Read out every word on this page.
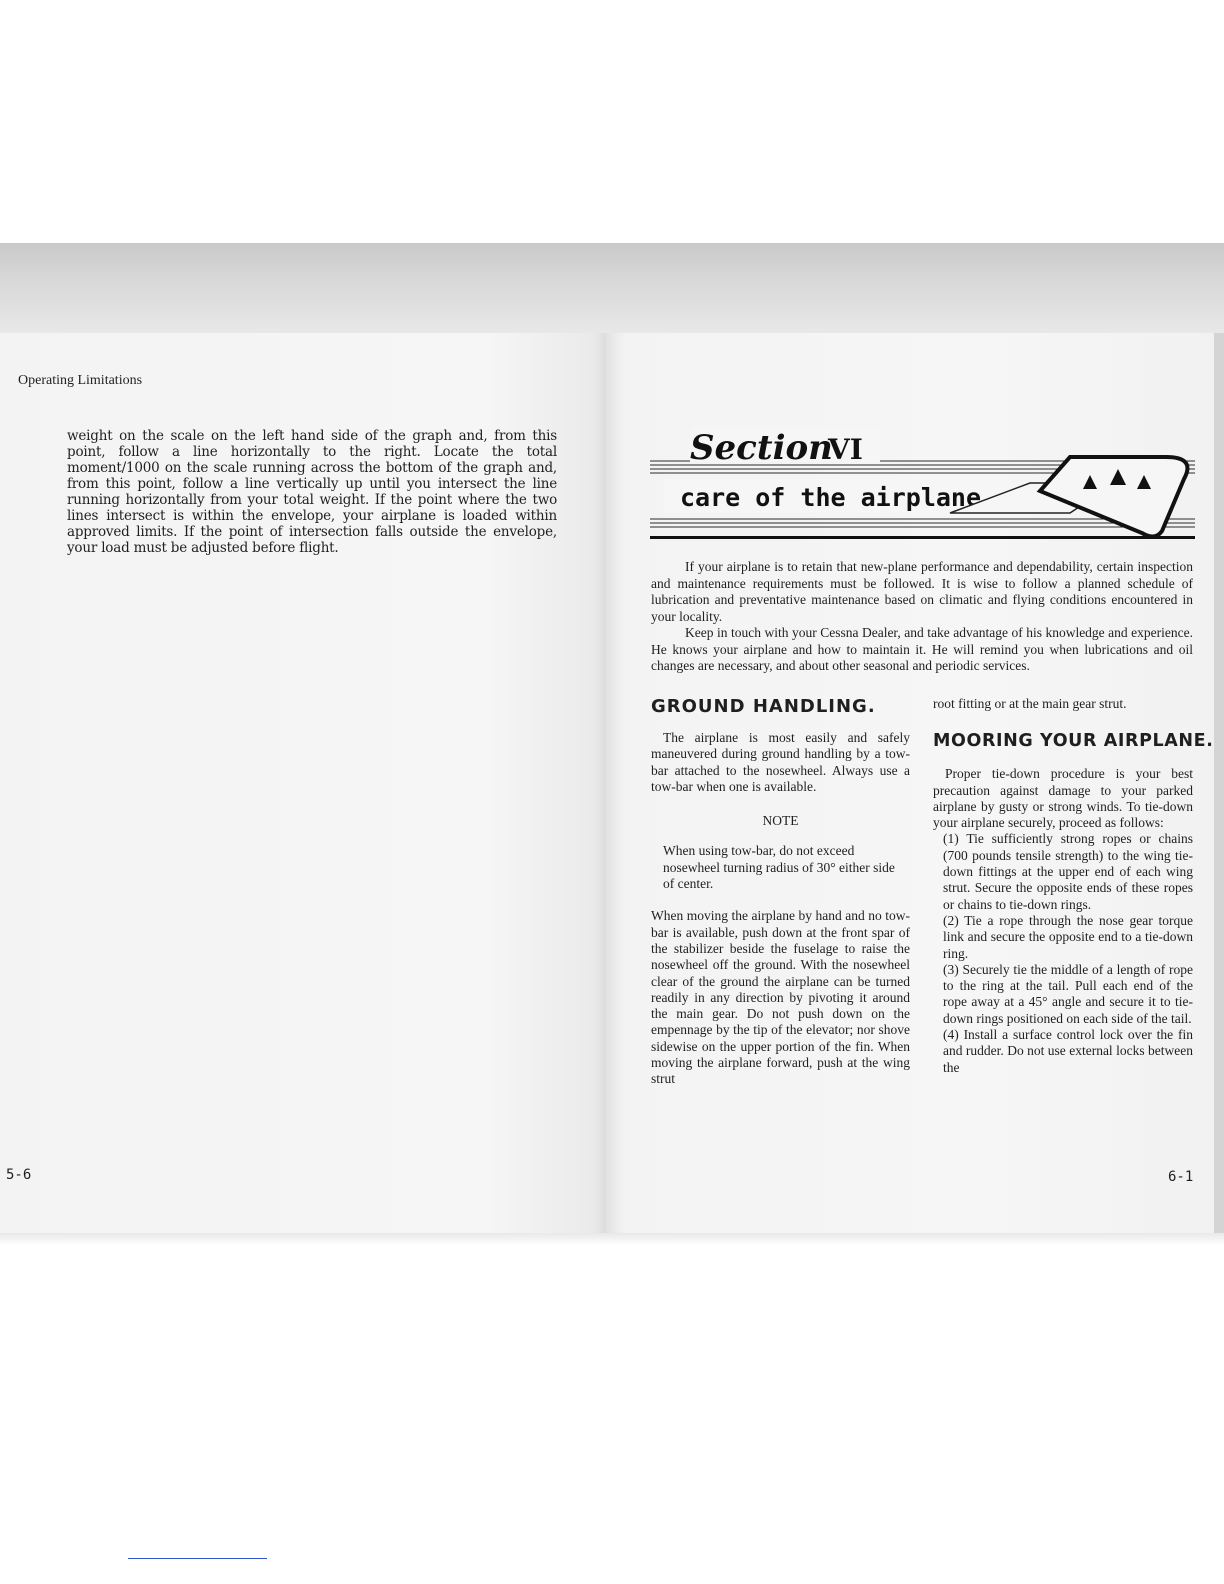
Operating Limitations
weight on the scale on the left hand side of the graph and, from this point, follow a line horizontally to the right. Locate the total moment/1000 on the scale running across the bottom of the graph and, from this point, follow a line vertically up until you intersect the line running horizontally from your total weight. If the point where the two lines intersect is within the envelope, your airplane is loaded within approved limits. If the point of intersection falls outside the envelope, your load must be adjusted before flight.
5-6
Section
VI
care of the airplane

If your airplane is to retain that new-plane performance and dependability, certain inspection and maintenance requirements must be followed. It is wise to follow a planned schedule of lubrication and preventative maintenance based on climatic and flying conditions encountered in your locality.

Keep in touch with your Cessna Dealer, and take advantage of his knowledge and experience. He knows your airplane and how to maintain it. He will remind you when lubrications and oil changes are necessary, and about other seasonal and periodic services.

GROUND HANDLING.

The airplane is most easily and safely maneuvered during ground handling by a tow-bar attached to the nosewheel. Always use a tow-bar when one is available.

NOTE

When using tow-bar, do not exceed nosewheel turning radius of 30° either side of center.

When moving the airplane by hand and no tow-bar is available, push down at the front spar of the stabilizer beside the fuselage to raise the nosewheel off the ground. With the nosewheel clear of the ground the airplane can be turned readily in any direction by pivoting it around the main gear. Do not push down on the empennage by the tip of the elevator; nor shove sidewise on the upper portion of the fin. When moving the airplane forward, push at the wing strut

root fitting or at the main gear strut.

MOORING YOUR AIRPLANE.

Proper tie-down procedure is your best precaution against damage to your parked airplane by gusty or strong winds. To tie-down your airplane securely, proceed as follows:

(1) Tie sufficiently strong ropes or chains (700 pounds tensile strength) to the wing tie-down fittings at the upper end of each wing strut. Secure the opposite ends of these ropes or chains to tie-down rings.

(2) Tie a rope through the nose gear torque link and secure the opposite end to a tie-down ring.

(3) Securely tie the middle of a length of rope to the ring at the tail. Pull each end of the rope away at a 45° angle and secure it to tie-down rings positioned on each side of the tail.

(4) Install a surface control lock over the fin and rudder. Do not use external locks between the

6-1
